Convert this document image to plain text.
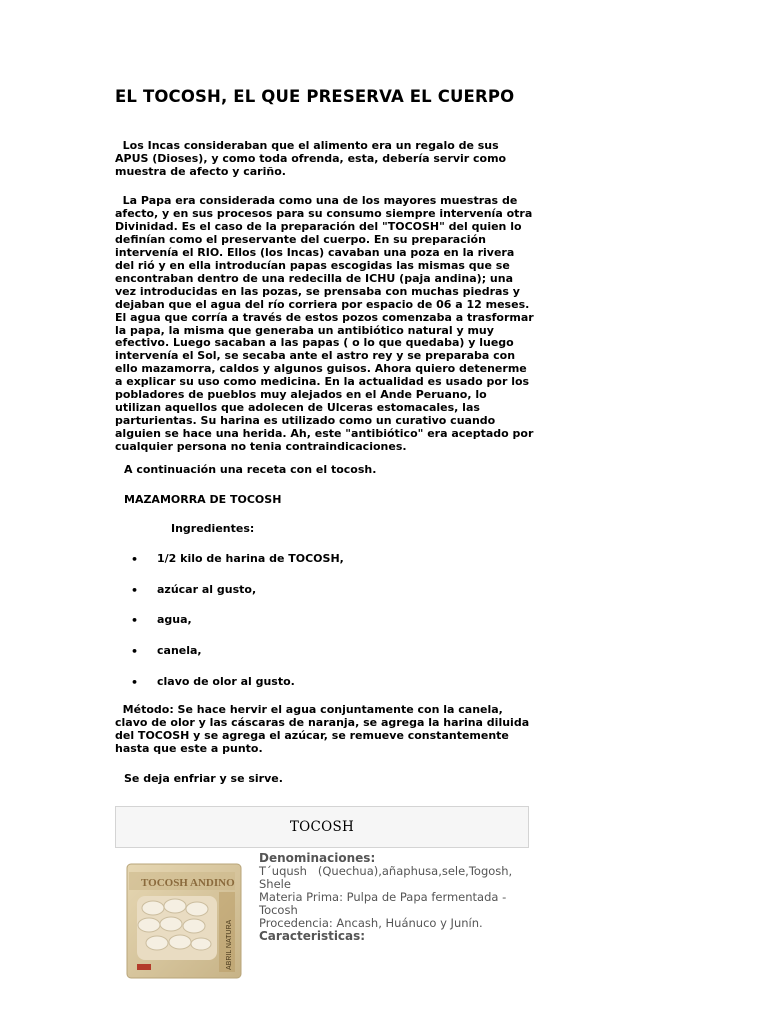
EL TOCOSH, EL QUE PRESERVA EL CUERPO
Los Incas consideraban que el alimento era un regalo de sus
APUS (Dioses), y como toda ofrenda, esta, debería servir como
muestra de afecto y cariño.
La Papa era considerada como una de los mayores muestras de
afecto, y en sus procesos para su consumo siempre intervenía otra
Divinidad. Es el caso de la preparación del "TOCOSH" del quien lo
definían como el preservante del cuerpo. En su preparación
intervenía el RIO. Ellos (los Incas) cavaban una poza en la rivera
del rió y en ella introducían papas escogidas las mismas que se
encontraban dentro de una redecilla de ICHU (paja andina); una
vez introducidas en las pozas, se prensaba con muchas piedras y
dejaban que el agua del río corriera por espacio de 06 a 12 meses.
El agua que corría a través de estos pozos comenzaba a trasformar
la papa, la misma que generaba un antibiótico natural y muy
efectivo. Luego sacaban a las papas ( o lo que quedaba) y luego
intervenía el Sol, se secaba ante el astro rey y se preparaba con
ello mazamorra, caldos y algunos guisos. Ahora quiero detenerme
a explicar su uso como medicina. En la actualidad es usado por los
pobladores de pueblos muy alejados en el Ande Peruano, lo
utilizan aquellos que adolecen de Ulceras estomacales, las
parturientas. Su harina es utilizado como un curativo cuando
alguien se hace una herida. Ah, este "antibiótico" era aceptado por
cualquier persona no tenia contraindicaciones.

A continuación una receta con el tocosh.

MAZAMORRA DE TOCOSH

Ingredientes:

• 1/2 kilo de harina de TOCOSH,

• azúcar al gusto,

• agua,

• canela,

• clavo de olor al gusto.

Método: Se hace hervir el agua conjuntamente con la canela,
clavo de olor y las cáscaras de naranja, se agrega la harina diluida
del TOCOSH y se agrega el azúcar, se remueve constantemente
hasta que este a punto.

Se deja enfriar y se sirve.

TOCOSH
TOCOSH ANDINO
ABRIL NATURA
Denominaciones:
T´uqush   (Quechua),añaphusa,sele,Togosh,
Shele
Materia Prima: Pulpa de Papa fermentada -
Tocosh
Procedencia: Ancash, Huánuco y Junín.
Caracteristicas:
